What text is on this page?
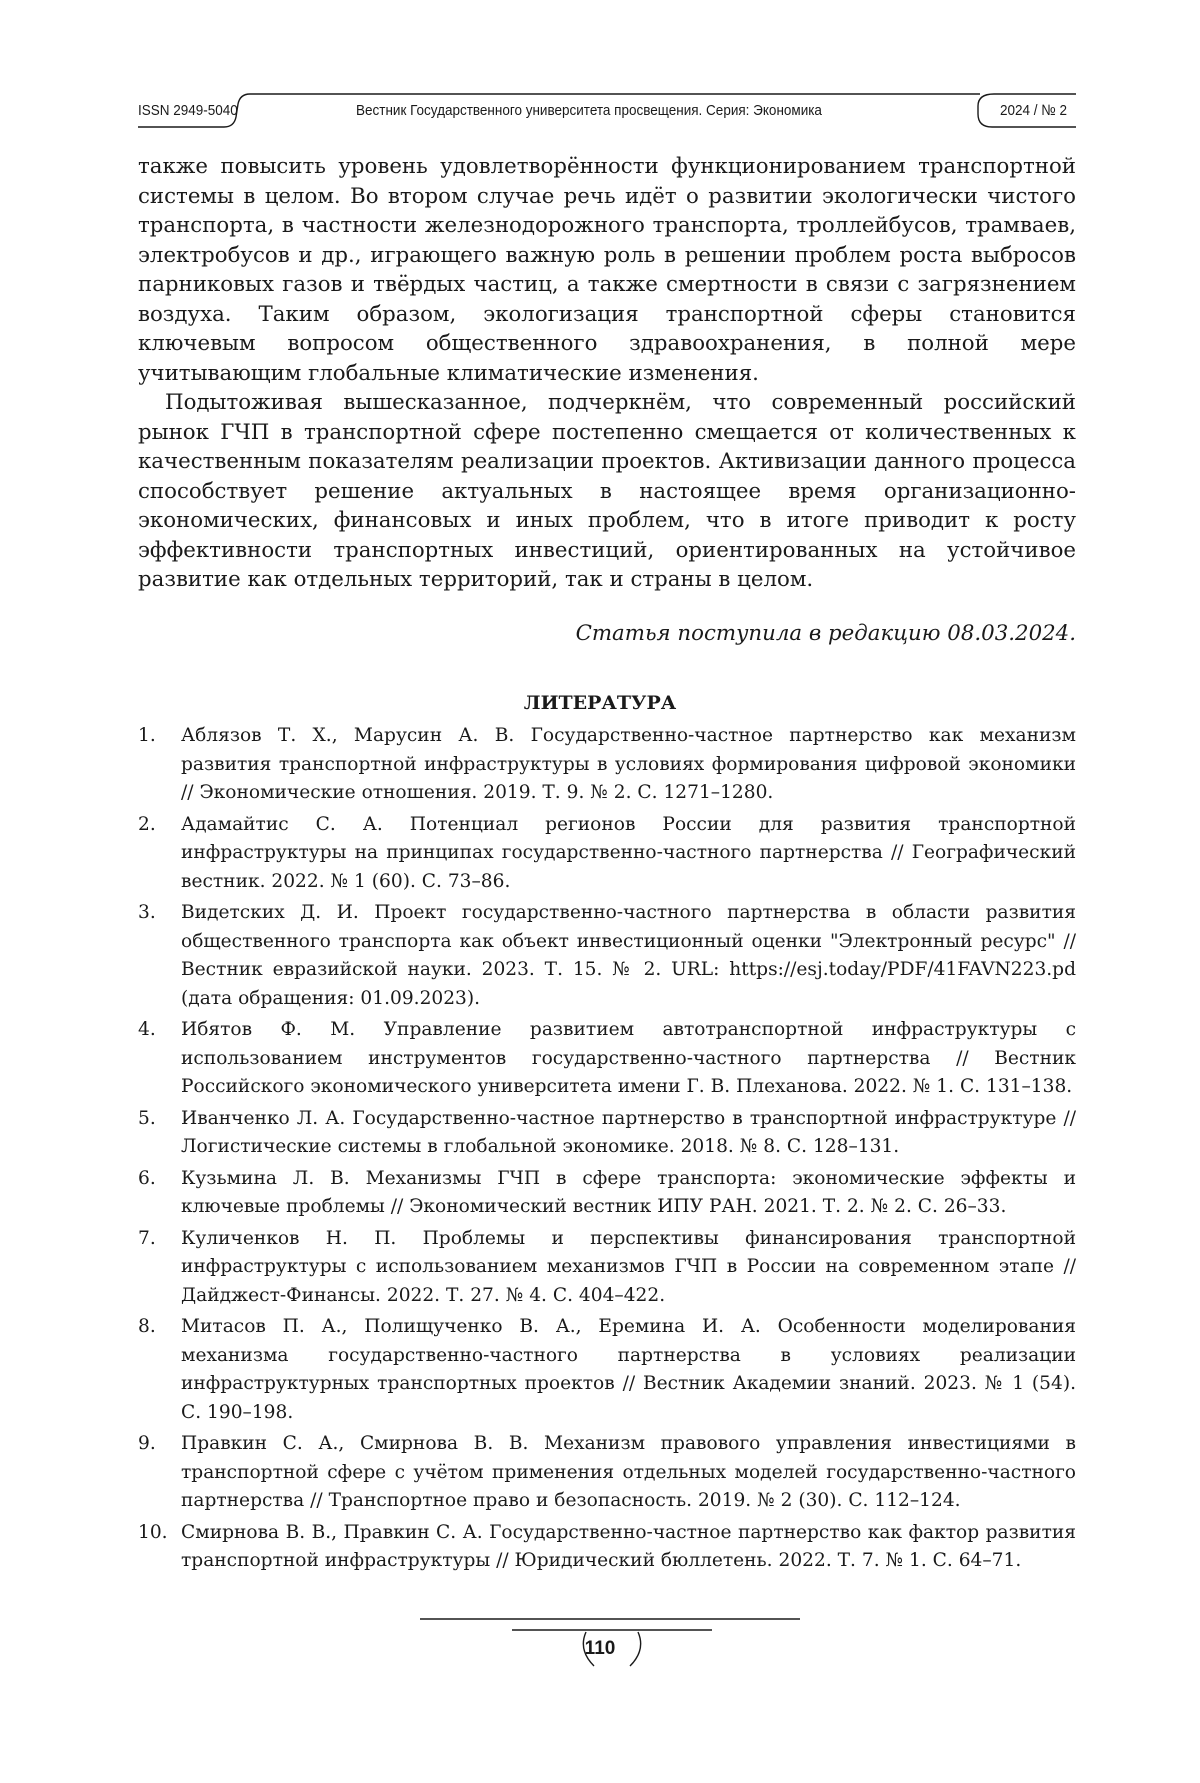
ISSN 2949-5040	Вестник Государственного университета просвещения. Серия: Экономика	2024 / № 2

также повысить уровень удовлетворённости функционированием транспортной системы в целом. Во втором случае речь идёт о развитии экологически чистого транспорта, в частности железнодорожного транспорта, троллейбусов, трамваев, электробусов и др., играющего важную роль в решении проблем роста выбросов парниковых газов и твёрдых частиц, а также смертности в связи с загрязнением воздуха. Таким образом, экологизация транспортной сферы становится ключевым вопросом общественного здравоохранения, в полной мере учитывающим глобальные климатические изменения.

Подытоживая вышесказанное, подчеркнём, что современный российский рынок ГЧП в транспортной сфере постепенно смещается от количественных к качественным показателям реализации проектов. Активизации данного процесса способствует решение актуальных в настоящее время организационно-экономических, финансовых и иных проблем, что в итоге приводит к росту эффективности транспортных инвестиций, ориентированных на устойчивое развитие как отдельных территорий, так и страны в целом.

Статья поступила в редакцию 08.03.2024.
ЛИТЕРАТУРА
1. Аблязов Т. Х., Марусин А. В. Государственно-частное партнерство как механизм развития транспортной инфраструктуры в условиях формирования цифровой экономики // Экономические отношения. 2019. Т. 9. № 2. С. 1271–1280.
2. Адамайтис С. А. Потенциал регионов России для развития транспортной инфраструктуры на принципах государственно-частного партнерства // Географический вестник. 2022. № 1 (60). С. 73–86.
3. Видетских Д. И. Проект государственно-частного партнерства в области развития общественного транспорта как объект инвестиционный оценки "Электронный ресурс" // Вестник евразийской науки. 2023. Т. 15. № 2. URL: https://esj.today/PDF/41FAVN223.pd (дата обращения: 01.09.2023).
4. Ибятов Ф. М. Управление развитием автотранспортной инфраструктуры с использованием инструментов государственно-частного партнерства // Вестник Российского экономического университета имени Г. В. Плеханова. 2022. № 1. С. 131–138.
5. Иванченко Л. А. Государственно-частное партнерство в транспортной инфраструктуре // Логистические системы в глобальной экономике. 2018. № 8. С. 128–131.
6. Кузьмина Л. В. Механизмы ГЧП в сфере транспорта: экономические эффекты и ключевые проблемы // Экономический вестник ИПУ РАН. 2021. Т. 2. № 2. С. 26–33.
7. Куличенков Н. П. Проблемы и перспективы финансирования транспортной инфраструктуры с использованием механизмов ГЧП в России на современном этапе // Дайджест-Финансы. 2022. Т. 27. № 4. С. 404–422.
8. Митасов П. А., Полищученко В. А., Еремина И. А. Особенности моделирования механизма государственно-частного партнерства в условиях реализации инфраструктурных транспортных проектов // Вестник Академии знаний. 2023. № 1 (54). С. 190–198.
9. Правкин С. А., Смирнова В. В. Механизм правового управления инвестициями в транспортной сфере с учётом применения отдельных моделей государственно-частного партнерства // Транспортное право и безопасность. 2019. № 2 (30). С. 112–124.
10. Смирнова В. В., Правкин С. А. Государственно-частное партнерство как фактор развития транспортной инфраструктуры // Юридический бюллетень. 2022. Т. 7. № 1. С. 64–71.
110
